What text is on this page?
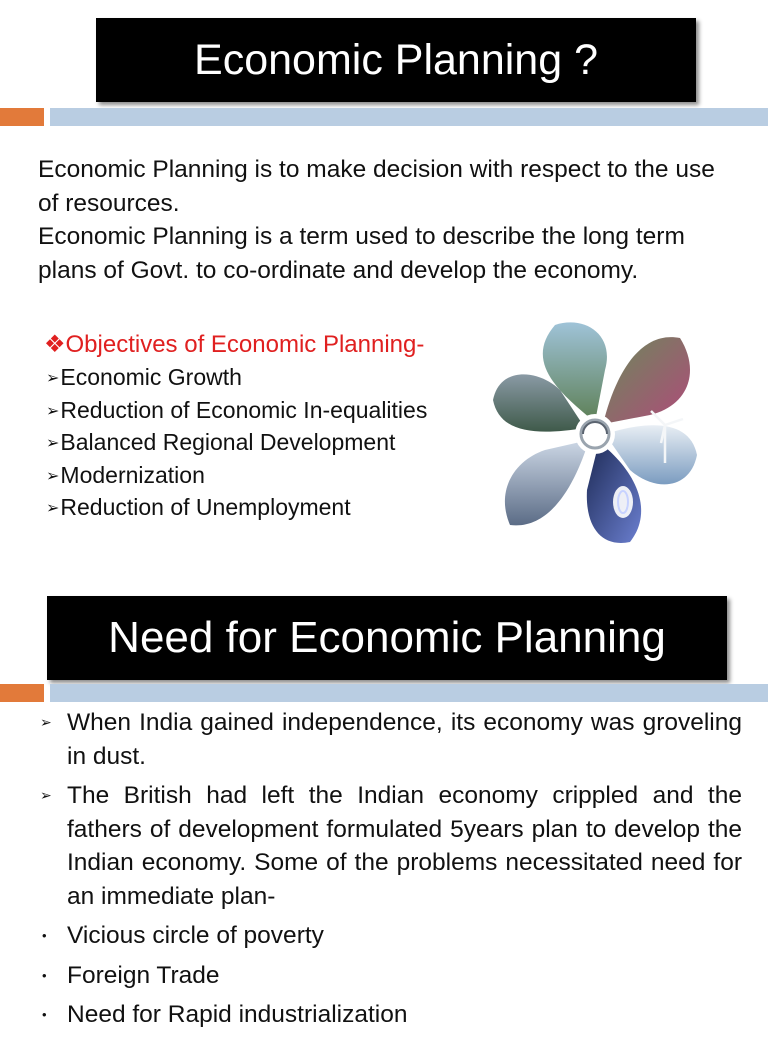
Economic Planning ?

Economic Planning is to make decision with respect to the use of resources.

Economic Planning is a term used to describe the long term plans of Govt. to co-ordinate and develop the economy.

❖Objectives of Economic Planning-
➢Economic Growth
➢Reduction of Economic In-equalities
➢Balanced Regional Development
➢Modernization
➢Reduction of Unemployment
Need for Economic Planning
➢ When India gained independence, its economy was groveling in dust.
➢ The British had left the Indian economy crippled and the fathers of development formulated 5years plan to develop the Indian economy. Some of the problems necessitated need for an immediate plan-
• Vicious circle of poverty
• Foreign Trade
• Need for Rapid industrialization
